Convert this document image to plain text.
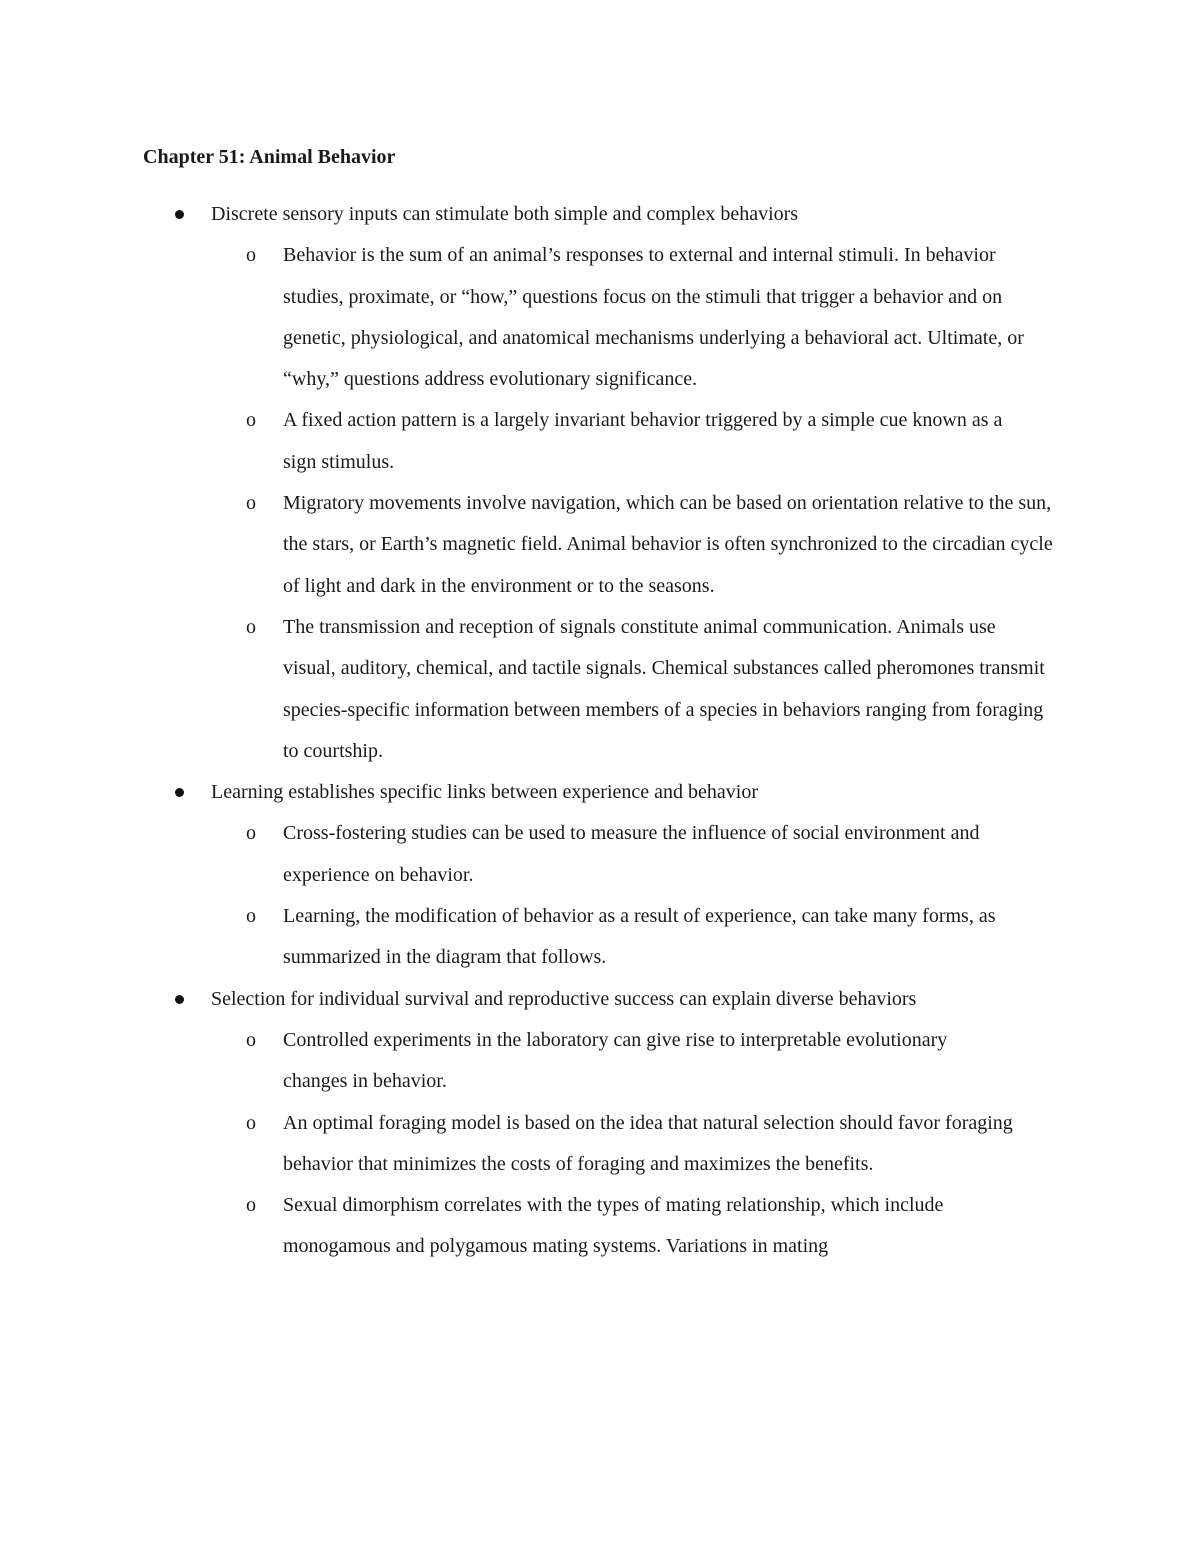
Chapter 51: Animal Behavior
Discrete sensory inputs can stimulate both simple and complex behaviors
o Behavior is the sum of an animal’s responses to external and internal stimuli. In behavior studies, proximate, or “how,” questions focus on the stimuli that trigger a behavior and on genetic, physiological, and anatomical mechanisms underlying a behavioral act. Ultimate, or “why,” questions address evolutionary significance.
o A fixed action pattern is a largely invariant behavior triggered by a simple cue known as a sign stimulus.
o Migratory movements involve navigation, which can be based on orientation relative to the sun, the stars, or Earth’s magnetic field. Animal behavior is often synchronized to the circadian cycle of light and dark in the environment or to the seasons.
o The transmission and reception of signals constitute animal communication. Animals use visual, auditory, chemical, and tactile signals. Chemical substances called pheromones transmit species-specific information between members of a species in behaviors ranging from foraging to courtship.
Learning establishes specific links between experience and behavior
o Cross-fostering studies can be used to measure the influence of social environment and experience on behavior.
o Learning, the modification of behavior as a result of experience, can take many forms, as summarized in the diagram that follows.
Selection for individual survival and reproductive success can explain diverse behaviors
o Controlled experiments in the laboratory can give rise to interpretable evolutionary changes in behavior.
o An optimal foraging model is based on the idea that natural selection should favor foraging behavior that minimizes the costs of foraging and maximizes the benefits.
o Sexual dimorphism correlates with the types of mating relationship, which include monogamous and polygamous mating systems. Variations in mating
